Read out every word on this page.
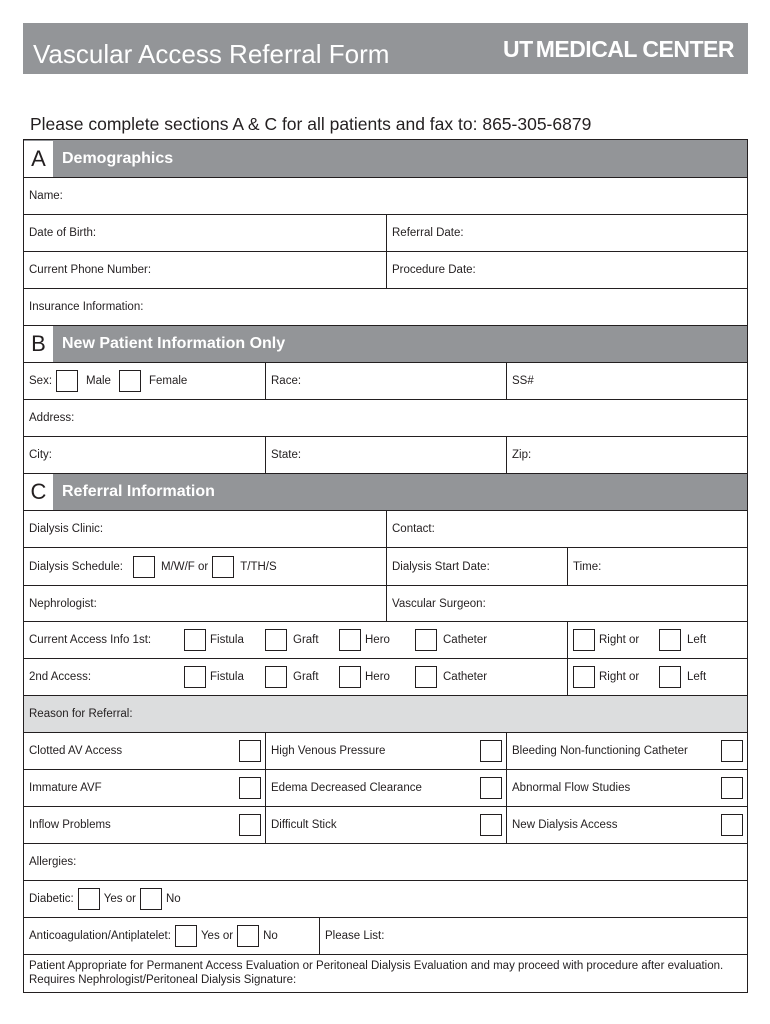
Vascular Access Referral Form	UT MEDICAL CENTER
Please complete sections A & C for all patients and fax to: 865-305-6879
A	Demographics
Name:
Date of Birth:	Referral Date:
Current Phone Number:	Procedure Date:
Insurance Information:
B	New Patient Information Only
Sex:	Male	Female	Race:	SS#
Address:
City:	State:	Zip:
C Referral Information
Dialysis Clinic:	Contact:
Dialysis Schedule:	M/W/F or	T/TH/S	Dialysis Start Date:	Time:
Nephrologist:	Vascular Surgeon:
Current Access Info 1st:	Fistula	Graft	Hero	Catheter	Right or	Left
2nd Access:	Fistula	Graft	Hero	Catheter	Right or	Left
Reason for Referral:
Clotted AV Access	High Venous Pressure	Bleeding Non-functioning Catheter
Immature AVF	Edema Decreased Clearance	Abnormal Flow Studies
Inflow Problems	Difficult Stick	New Dialysis Access
Allergies:
Diabetic:	Yes or	No
Anticoagulation/Antiplatelet:	Yes or	No	Please List:
Patient Appropriate for Permanent Access Evaluation or Peritoneal Dialysis Evaluation and may proceed with procedure after evaluation. Requires Nephrologist/Peritoneal Dialysis Signature:
